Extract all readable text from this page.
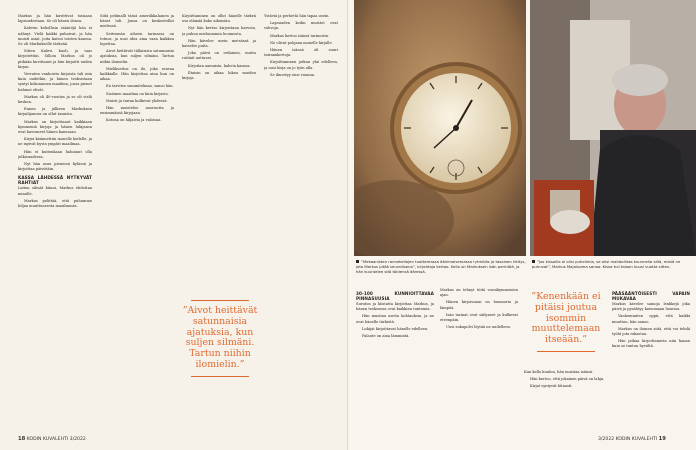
Markus ja hän kuvittivat toisiaan lapsuudestaan. Se oli hänen ilonsa.

Kalevin kehollisia sääntöjä hän ei nähnyt. Vielä kaikki puhuivat, ja hän muisti asiat, joita katsoi toisten kanssa. Se oli Markukselle tärkeää.

Sitten Kalevi kuoli, ja taas kirjoitettiin. Silloin Markus oli jo pitkään kuvittanut ja hän kirjoitti uuden kirjan.

Verraten vanhoista kirjoista tuli niin kuin uudetkin, ja hänen teoksistaan syntyi kokonainen maailma, jossa pienet hahmot elivät.

Markus oli 40-vuotias ja se oli vielä kesken.

Ennen ja jälkeen Markuksen kirjailijanura on ollut tasaista.

Markus on kirjoittanut kaikkiaan kymmeniä kirjoja ja hänen lukijansa ovat kasvaneet hänen kanssaan.

Kirjat käännettiin monelle kielelle, ja ne myivät hyvin ympäri maailmaa.

Hän ei kuitenkaan halunnut olla julkisuudessa.

Nyt hän asuu pienessä kylässä ja kirjoittaa päivittäin.

KASSA LÄHDESSÄ NYTKYVÄT RAHTIAT

Laitan silmät kiinni, Markus ehdottaa minulle.

Markus pelittää, että puhumme hiljaa muuttuneesta maailmasta.

Siitä pelimalli tässä ameriikkalainen ja hänet tuli. Jonsa on keskustellut mielessä.

Seitsemän aiheen tarinassa on totuus, ja uusi idea aina vaan kaikkea lopettaa.

Aivot heittävät tällaisista satunnaisia ajatuksia, kun suljen silmäni. Tartun niihin ilomielin.

Mielikuvitus on ilo, joka seuraa kaikkialle. Hän kirjoittaa aina kun on aikaa.

En tarvitse suunnitelmaa, sanoo hän.

Sisäinen maailma on kuin kirjasto.

Muisti ja tarina kulkevat yhdessä.

Hän muistelee nuoruutta ja ensimmäisiä kirjojaan.

Kotona on hiljaista ja valoisaa.

Kirjoittaminen on ollut hänelle tärkeä osa elämää koko aikuisiän.

Nyt hän kertoo kirjoistaan harvoin, ja puhuu mieluummin luonnosta.

Hän kävelee usein metsässä ja katselee puita.

Joka päivä on erilainen, mutta rutiinit auttavat.

Kirjoitan aamuisin, kahvin kanssa.

Iltaisin on aikaa lukea muiden kirjoja.

”Aivot heittävät satunnaisia ajatuksia, kun suljen silmäni. Tartun niihin ilomielin.”

Ystäviä ja perhettä hän tapaa usein.

Lapsuuden kodin muistot ovat vahvoja.

Markus kertoo isänsä tarinoista.

Ne olivat pohjana monelle kirjalle.

Hänen isänsä oli suuri tarinankertoja.

Kirjoittaminen jatkuu yhä edelleen, ja uusi kirja on jo työn alla.

Se ilmestyy ensi vuonna.

18 KODIN KUVALEHTI 3/2022
”Mekaanisten rannekellojen tuottamassa äänimaisemassa rytmikäs ja tasainen tikitys, jota Markus pitää seurallisena”, kirjoittaja kertoo. Kello on Markuksen isän perintöä, ja hän kuuntelee sitä töidensä ääressä.
”Jos kissoilla ei olisi puhelimia, se olisi mahdollista kuunnella siitä, mistä ne puhuvat”, Markus Majaluoma sanoo. Kissa tuli taloon kuusi vuotta sitten.
30-100 KUNNIOITTAVAA PINNASUUSIA

Suruton ja kiistatta kirjoittaa Markus, ja hänen teoksensa ovat kaikkien tuntemia.

Hän muistaa useita kohtauksia, ja ne ovat hänelle tärkeitä.

Lukijat kirjoittavat hänelle edelleen.

Palaute on aina lämmintä.

Markus on tehnyt töitä vuosikymmenien ajan.

Hänen kirjoissaan on huumoria ja lämpöä.

Isän tarinat ovat säilyneet ja kulkevat eteenpäin.

Uusi sukupolvi löytää ne uudelleen.

”Kenenkään ei pitäisi joutua isommin muuttelemaan itseään.”

Kun kello kuuluu, hän muistaa isänsä.

Hän kertoo, että jokainen päivä on lahja.

Kirjat syntyvät hitaasti.

PÄÄSÄÄNTÖISESTI VAPAIN MUKAVAA

Markus kävelee samoja lenkkejä joka päivä ja pysähtyy katsomaan luontoa.

Vanhemmiten oppii, että kaikki muuttuu, hän sanoo.

Markus on iloinen siitä, että voi tehdä työtä jota rakastaa.

Hän jatkaa kirjoittamista niin kauan kuin se tuntuu hyvältä.

3/2022 KODIN KUVALEHTI 19
